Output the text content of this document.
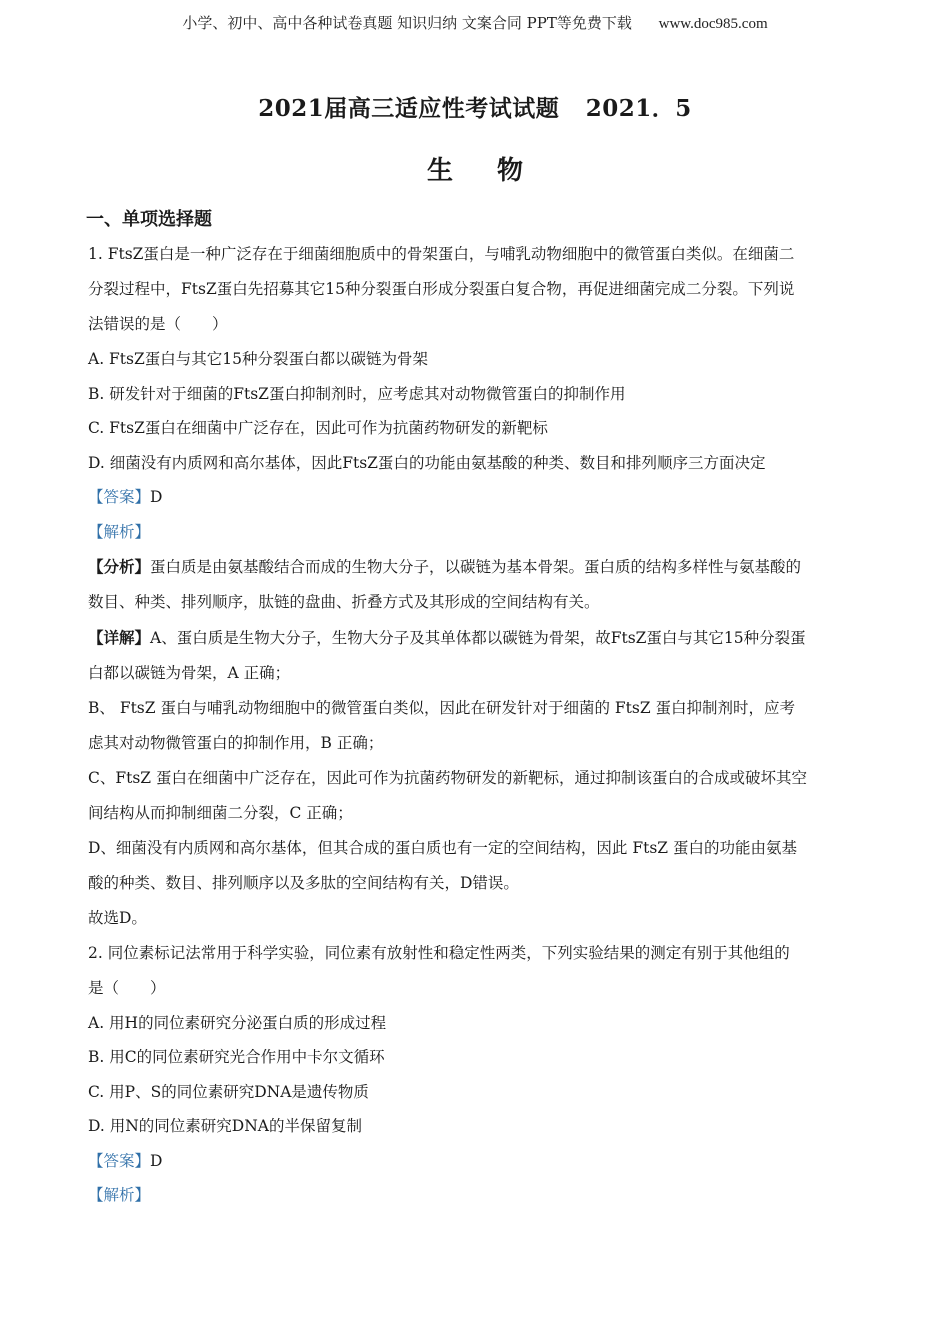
小学、初中、高中各种试卷真题 知识归纳 文案合同 PPT等免费下载 www.doc985.com
2021届高三适应性考试试题 2021．5
生物
一、单项选择题

1. FtsZ蛋白是一种广泛存在于细菌细胞质中的骨架蛋白，与哺乳动物细胞中的微管蛋白类似。在细菌二

分裂过程中，FtsZ蛋白先招募其它15种分裂蛋白形成分裂蛋白复合物，再促进细菌完成二分裂。下列说

法错误的是（　　）

A. FtsZ蛋白与其它15种分裂蛋白都以碳链为骨架

B. 研发针对于细菌的FtsZ蛋白抑制剂时，应考虑其对动物微管蛋白的抑制作用

C. FtsZ蛋白在细菌中广泛存在，因此可作为抗菌药物研发的新靶标

D. 细菌没有内质网和高尔基体，因此FtsZ蛋白的功能由氨基酸的种类、数目和排列顺序三方面决定

【答案】D

【解析】

【分析】蛋白质是由氨基酸结合而成的生物大分子，以碳链为基本骨架。蛋白质的结构多样性与氨基酸的

数目、种类、排列顺序，肽链的盘曲、折叠方式及其形成的空间结构有关。

【详解】A、蛋白质是生物大分子，生物大分子及其单体都以碳链为骨架，故FtsZ蛋白与其它15种分裂蛋

白都以碳链为骨架，A 正确；

B、 FtsZ 蛋白与哺乳动物细胞中的微管蛋白类似，因此在研发针对于细菌的 FtsZ 蛋白抑制剂时，应考

虑其对动物微管蛋白的抑制作用，B 正确；

C、FtsZ 蛋白在细菌中广泛存在，因此可作为抗菌药物研发的新靶标，通过抑制该蛋白的合成或破坏其空

间结构从而抑制细菌二分裂，C 正确；

D、细菌没有内质网和高尔基体，但其合成的蛋白质也有一定的空间结构，因此 FtsZ 蛋白的功能由氨基

酸的种类、数目、排列顺序以及多肽的空间结构有关，D错误。

故选D。

2. 同位素标记法常用于科学实验，同位素有放射性和稳定性两类，下列实验结果的测定有别于其他组的

是（　　）

A. 用H的同位素研究分泌蛋白质的形成过程

B. 用C的同位素研究光合作用中卡尔文循环

C. 用P、S的同位素研究DNA是遗传物质

D. 用N的同位素研究DNA的半保留复制

【答案】D

【解析】
